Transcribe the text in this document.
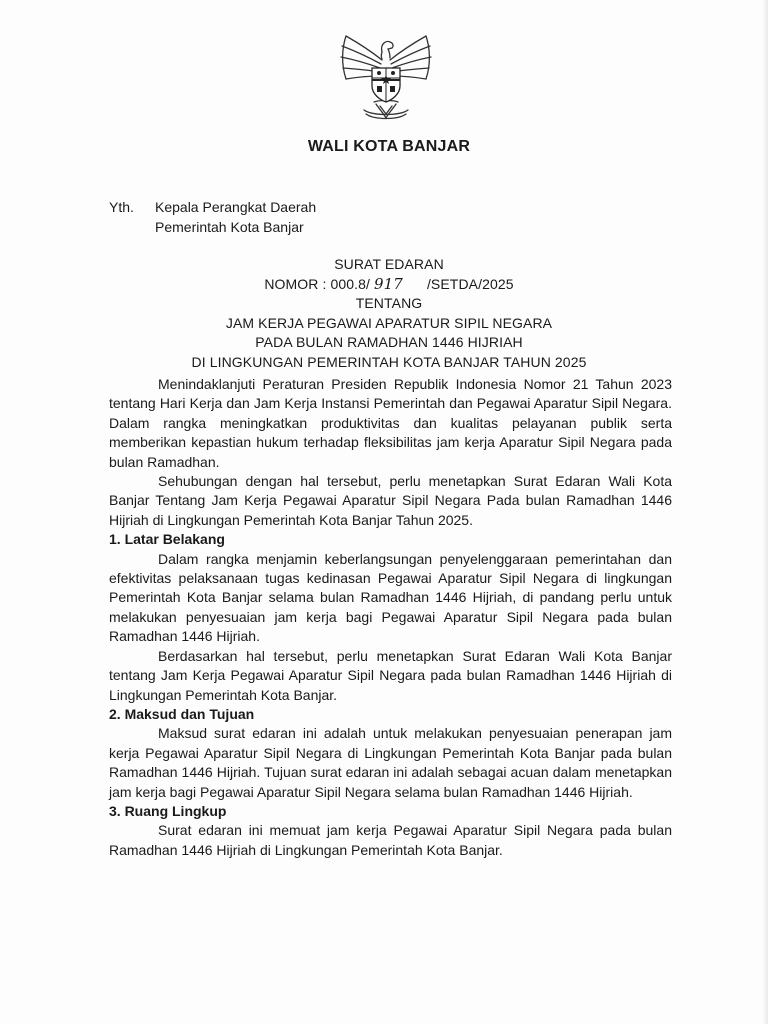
WALI KOTA BANJAR
Yth.	Kepala Perangkat Daerah
Pemerintah Kota Banjar
SURAT EDARAN
NOMOR : 000.8/ 917 /SETDA/2025
TENTANG
JAM KERJA PEGAWAI APARATUR SIPIL NEGARA
PADA BULAN RAMADHAN 1446 HIJRIAH
DI LINGKUNGAN PEMERINTAH KOTA BANJAR TAHUN 2025

Menindaklanjuti Peraturan Presiden Republik Indonesia Nomor 21 Tahun 2023 tentang Hari Kerja dan Jam Kerja Instansi Pemerintah dan Pegawai Aparatur Sipil Negara. Dalam rangka meningkatkan produktivitas dan kualitas pelayanan publik serta memberikan kepastian hukum terhadap fleksibilitas jam kerja Aparatur Sipil Negara pada bulan Ramadhan.

Sehubungan dengan hal tersebut, perlu menetapkan Surat Edaran Wali Kota Banjar Tentang Jam Kerja Pegawai Aparatur Sipil Negara Pada bulan Ramadhan 1446 Hijriah di Lingkungan Pemerintah Kota Banjar Tahun 2025.

1. Latar Belakang

Dalam rangka menjamin keberlangsungan penyelenggaraan pemerintahan dan efektivitas pelaksanaan tugas kedinasan Pegawai Aparatur Sipil Negara di lingkungan Pemerintah Kota Banjar selama bulan Ramadhan 1446 Hijriah, di pandang perlu untuk melakukan penyesuaian jam kerja bagi Pegawai Aparatur Sipil Negara pada bulan Ramadhan 1446 Hijriah.

Berdasarkan hal tersebut, perlu menetapkan Surat Edaran Wali Kota Banjar tentang Jam Kerja Pegawai Aparatur Sipil Negara pada bulan Ramadhan 1446 Hijriah di Lingkungan Pemerintah Kota Banjar.

2. Maksud dan Tujuan

Maksud surat edaran ini adalah untuk melakukan penyesuaian penerapan jam kerja Pegawai Aparatur Sipil Negara di Lingkungan Pemerintah Kota Banjar pada bulan Ramadhan 1446 Hijriah. Tujuan surat edaran ini adalah sebagai acuan dalam menetapkan jam kerja bagi Pegawai Aparatur Sipil Negara selama bulan Ramadhan 1446 Hijriah.

3. Ruang Lingkup

Surat edaran ini memuat jam kerja Pegawai Aparatur Sipil Negara pada bulan Ramadhan 1446 Hijriah di Lingkungan Pemerintah Kota Banjar.
